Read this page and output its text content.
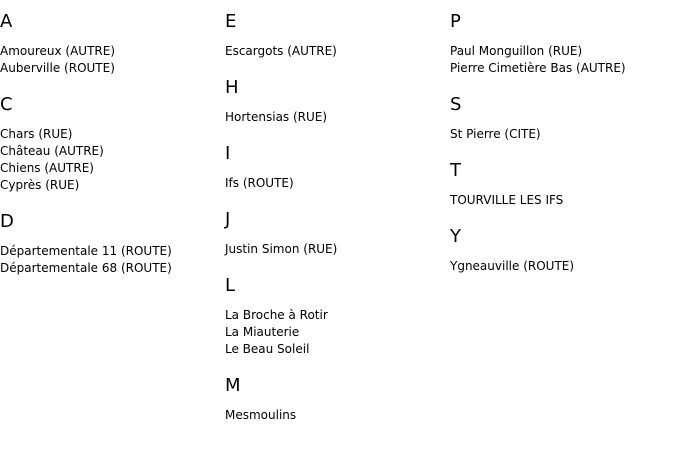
A
Amoureux (AUTRE)
Auberville (ROUTE)
C
Chars (RUE)
Château (AUTRE)
Chiens (AUTRE)
Cyprès (RUE)
D
Départementale 11 (ROUTE)
Départementale 68 (ROUTE)
E
Escargots (AUTRE)
H
Hortensias (RUE)
I
Ifs (ROUTE)
J
Justin Simon (RUE)
L
La Broche à Rotir
La Miauterie
Le Beau Soleil
M
Mesmoulins
P
Paul Monguillon (RUE)
Pierre Cimetière Bas (AUTRE)
S
St Pierre (CITE)
T
TOURVILLE LES IFS
Y
Ygneauville (ROUTE)
